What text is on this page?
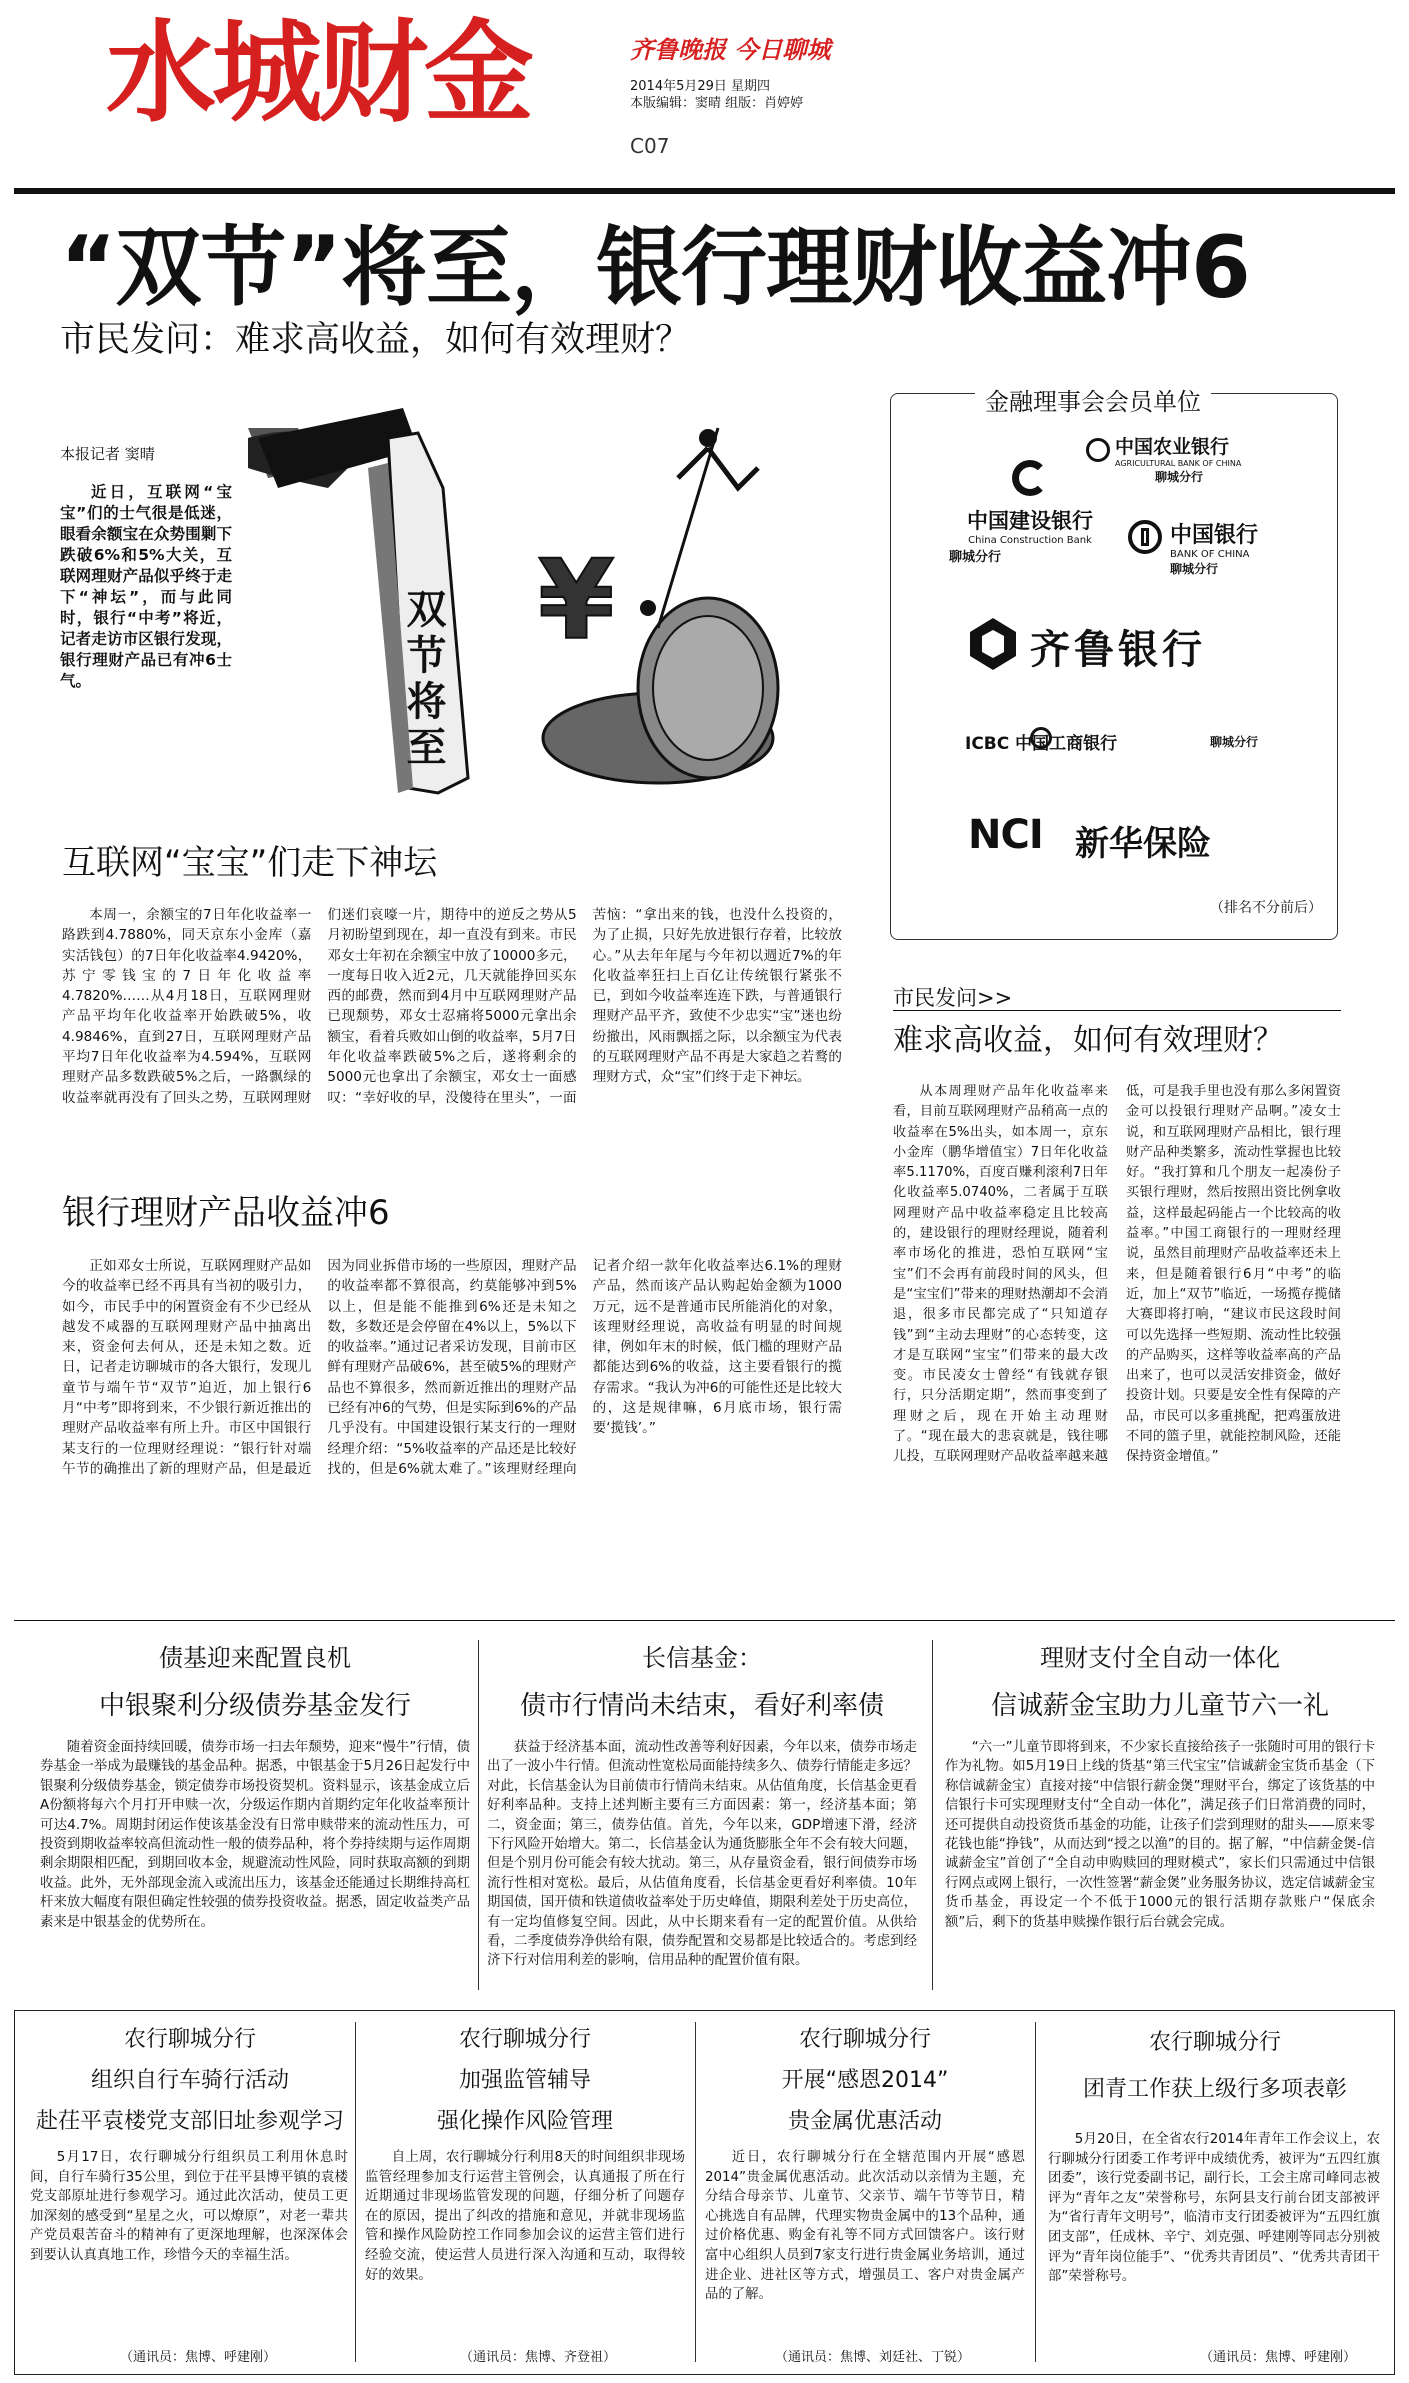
水城财金	齐鲁晚报 今日聊城
2014年5月29日 星期四
本版编辑：窦晴 组版：肖婷婷
C07
“双节”将至，银行理财收益冲6
市民发问：难求高收益，如何有效理财？
本报记者 窦晴
近日，互联网“宝宝”们的士气很是低迷，眼看余额宝在众势围剿下跌破6%和5%大关，互联网理财产品似乎终于走下“神坛”，而与此同时，银行“中考”将近，记者走访市区银行发现，银行理财产品已有冲6士气。	双节将至 ¥
互联网“宝宝”们走下神坛
本周一，余额宝的7日年化收益率一路跌到4.7880%，同天京东小金库（嘉实活钱包）的7日年化收益率4.9420%，苏宁零钱宝的7日年化收益率4.7820%……从4月18日，互联网理财产品平均年化收益率开始跌破5%，收4.9846%，直到27日，互联网理财产品平均7日年化收益率为4.594%，互联网理财产品多数跌破5%之后，一路飘绿的收益率就再没有了回头之势，互联网理财们迷们哀嚎一片，期待中的逆反之势从5月初盼望到现在，却一直没有到来。市民邓女士年初在余额宝中放了10000多元，一度每日收入近2元，几天就能挣回买东西的邮费，然而到4月中互联网理财产品已现颓势，邓女士忍痛将5000元拿出余额宝，看着兵败如山倒的收益率，5月7日年化收益率跌破5%之后，遂将剩余的5000元也拿出了余额宝，邓女士一面感叹：“幸好收的早，没傻待在里头”，一面苦恼：“拿出来的钱，也没什么投资的，为了止损，只好先放进银行存着，比较放心。”从去年年尾与今年初以週近7%的年化收益率狂扫上百亿让传统银行紧张不已，到如今收益率连连下跌，与普通银行理财产品平齐，致使不少忠实“宝”迷也纷纷撤出，风雨飘摇之际，以余额宝为代表的互联网理财产品不再是大家趋之若鹜的理财方式，众“宝”们终于走下神坛。
银行理财产品收益冲6
正如邓女士所说，互联网理财产品如今的收益率已经不再具有当初的吸引力，如今，市民手中的闲置资金有不少已经从越发不咸器的互联网理财产品中抽离出来，资金何去何从，还是未知之数。近日，记者走访聊城市的各大银行，发现儿童节与端午节“双节”迫近，加上银行6月“中考”即将到来，不少银行新近推出的理财产品收益率有所上升。市区中国银行某支行的一位理财经理说：“银行针对端午节的确推出了新的理财产品，但是最近因为同业拆借市场的一些原因，理财产品的收益率都不算很高，约莫能够冲到5%以上，但是能不能推到6%还是未知之数，多数还是会停留在4%以上，5%以下的收益率。”通过记者采访发现，目前市区鲜有理财产品破6%，甚至破5%的理财产品也不算很多，然而新近推出的理财产品已经有冲6的气势，但是实际到6%的产品几乎没有。中国建设银行某支行的一理财经理介绍：“5%收益率的产品还是比较好找的，但是6%就太难了。”该理财经理向记者介绍一款年化收益率达6.1%的理财产品，然而该产品认购起始金额为1000万元，远不是普通市民所能消化的对象，该理财经理说，高收益有明显的时间规律，例如年末的时候，低门槛的理财产品都能达到6%的收益，这主要看银行的揽存需求。“我认为冲6的可能性还是比较大的，这是规律嘛，6月底市场，银行需要‘揽钱’。”
金融理事会会员单位
中国农业银行
AGRICULTURAL BANK OF CHINA
聊城分行
中国建设银行
China Construction Bank
聊城分行
中国银行
BANK OF CHINA
聊城分行
齐鲁银行
ICBC 中国工商银行	聊城分行
NCI 新华保险
（排名不分前后）
市民发问>>
难求高收益，如何有效理财？
从本周理财产品年化收益率来看，目前互联网理财产品稍高一点的收益率在5%出头，如本周一，京东小金库（鹏华增值宝）7日年化收益率5.1170%，百度百赚利滚利7日年化收益率5.0740%，二者属于互联网理财产品中收益率稳定且比较高的，建设银行的理财经理说，随着利率市场化的推进，恐怕互联网“宝宝”们不会再有前段时间的风头，但是“宝宝们”带来的理财热潮却不会消退，很多市民都完成了“只知道存钱”到“主动去理财”的心态转变，这才是互联网“宝宝”们带来的最大改变。市民凌女士曾经“有钱就存银行，只分活期定期”，然而事变到了理财之后，现在开始主动理财了。“现在最大的悲哀就是，钱往哪儿投，互联网理财产品收益率越来越低，可是我手里也没有那么多闲置资金可以投银行理财产品啊。”凌女士说，和互联网理财产品相比，银行理财产品种类繁多，流动性掌握也比较好。“我打算和几个朋友一起凑份子买银行理财，然后按照出资比例拿收益，这样最起码能占一个比较高的收益率。”中国工商银行的一理财经理说，虽然目前理财产品收益率还未上来，但是随着银行6月“中考”的临近，加上“双节”临近，一场揽存揽储大赛即将打响，“建议市民这段时间可以先选择一些短期、流动性比较强的产品购买，这样等收益率高的产品出来了，也可以灵活安排资金，做好投资计划。只要是安全性有保障的产品，市民可以多重挑配，把鸡蛋放进不同的篮子里，就能控制风险，还能保持资金增值。”
债基迎来配置良机
中银聚利分级债券基金发行
随着资金面持续回暖，债券市场一扫去年颓势，迎来“慢牛”行情，债券基金一举成为最赚钱的基金品种。据悉，中银基金于5月26日起发行中银聚利分级债券基金，锁定债券市场投资契机。资料显示，该基金成立后A份额将每六个月打开申赎一次，分级运作期内首期约定年化收益率预计可达4.7%。周期封闭运作使该基金没有日常申赎带来的流动性压力，可投资到期收益率较高但流动性一般的债券品种，将个券持续期与运作周期剩余期限相匹配，到期回收本金，规避流动性风险，同时获取高额的到期收益。此外，无外部现金流入或流出压力，该基金还能通过长期维持高杠杆来放大幅度有限但确定性较强的债券投资收益。据悉，固定收益类产品素来是中银基金的优势所在。
长信基金：
债市行情尚未结束，看好利率债
获益于经济基本面，流动性改善等利好因素，今年以来，债券市场走出了一波小牛行情。但流动性宽松局面能持续多久、债券行情能走多远？对此，长信基金认为目前债市行情尚未结束。从估值角度，长信基金更看好利率品种。支持上述判断主要有三方面因素：第一，经济基本面；第二，资金面；第三，债券估值。首先，今年以来，GDP增速下滑，经济下行风险开始增大。第二，长信基金认为通货膨胀全年不会有较大问题，但是个别月份可能会有较大扰动。第三，从存量资金看，银行间债券市场流行性相对宽松。最后，从估值角度看，长信基金更看好利率债。10年期国债，国开债和铁道债收益率处于历史峰值，期限利差处于历史高位，有一定均值修复空间。因此，从中长期来看有一定的配置价值。从供给看，二季度债券净供给有限，债券配置和交易都是比较适合的。考虑到经济下行对信用利差的影响，信用品种的配置价值有限。
理财支付全自动一体化
信诚薪金宝助力儿童节六一礼
“六一”儿童节即将到来，不少家长直接给孩子一张随时可用的银行卡作为礼物。如5月19日上线的货基“第三代宝宝”信诚薪金宝货币基金（下称信诚薪金宝）直接对接“中信银行薪金煲”理财平台，绑定了该货基的中信银行卡可实现理财支付“全自动一体化”，满足孩子们日常消费的同时，还可提供自动投资货币基金的功能，让孩子们尝到理财的甜头——原来零花钱也能“挣钱”，从而达到“授之以渔”的目的。据了解，“中信薪金煲-信诚薪金宝”首创了“全自动申购赎回的理财模式”，家长们只需通过中信银行网点或网上银行，一次性签署“薪金煲”业务服务协议，选定信诚薪金宝货币基金，再设定一个不低于1000元的银行活期存款账户“保底余额”后，剩下的货基申赎操作银行后台就会完成。
农行聊城分行
组织自行车骑行活动
赴茌平袁楼党支部旧址参观学习
5月17日，农行聊城分行组织员工利用休息时间，自行车骑行35公里，到位于茌平县博平镇的袁楼党支部原址进行参观学习。通过此次活动，使员工更加深刻的感受到“星星之火，可以燎原”，对老一辈共产党员艰苦奋斗的精神有了更深地理解，也深深体会到要认认真真地工作，珍惜今天的幸福生活。
（通讯员：焦博、呼建刚）
农行聊城分行
加强监管辅导
强化操作风险管理
自上周，农行聊城分行利用8天的时间组织非现场监管经理参加支行运营主管例会，认真通报了所在行近期通过非现场监管发现的问题，仔细分析了问题存在的原因，提出了纠改的措施和意见，并就非现场监管和操作风险防控工作同参加会议的运营主管们进行经验交流，使运营人员进行深入沟通和互动，取得较好的效果。
（通讯员：焦博、齐登祖）
农行聊城分行
开展“感恩2014”
贵金属优惠活动
近日，农行聊城分行在全辖范围内开展“感恩2014”贵金属优惠活动。此次活动以亲情为主题，充分结合母亲节、儿童节、父亲节、端午节等节日，精心挑选自有品牌，代理实物贵金属中的13个品种，通过价格优惠、购金有礼等不同方式回馈客户。该行财富中心组织人员到7家支行进行贵金属业务培训，通过进企业、进社区等方式，增强员工、客户对贵金属产品的了解。
（通讯员：焦博、刘廷社、丁锐）
农行聊城分行
团青工作获上级行多项表彰
5月20日，在全省农行2014年青年工作会议上，农行聊城分行团委工作考评中成绩优秀，被评为“五四红旗团委”，该行党委副书记，副行长，工会主席司峰同志被评为“青年之友”荣誉称号，东阿县支行前台团支部被评为“省行青年文明号”，临清市支行团委被评为“五四红旗团支部”，任成林、辛宁、刘克强、呼建刚等同志分别被评为“青年岗位能手”、“优秀共青团员”、“优秀共青团干部”荣誉称号。
（通讯员：焦博、呼建刚）
